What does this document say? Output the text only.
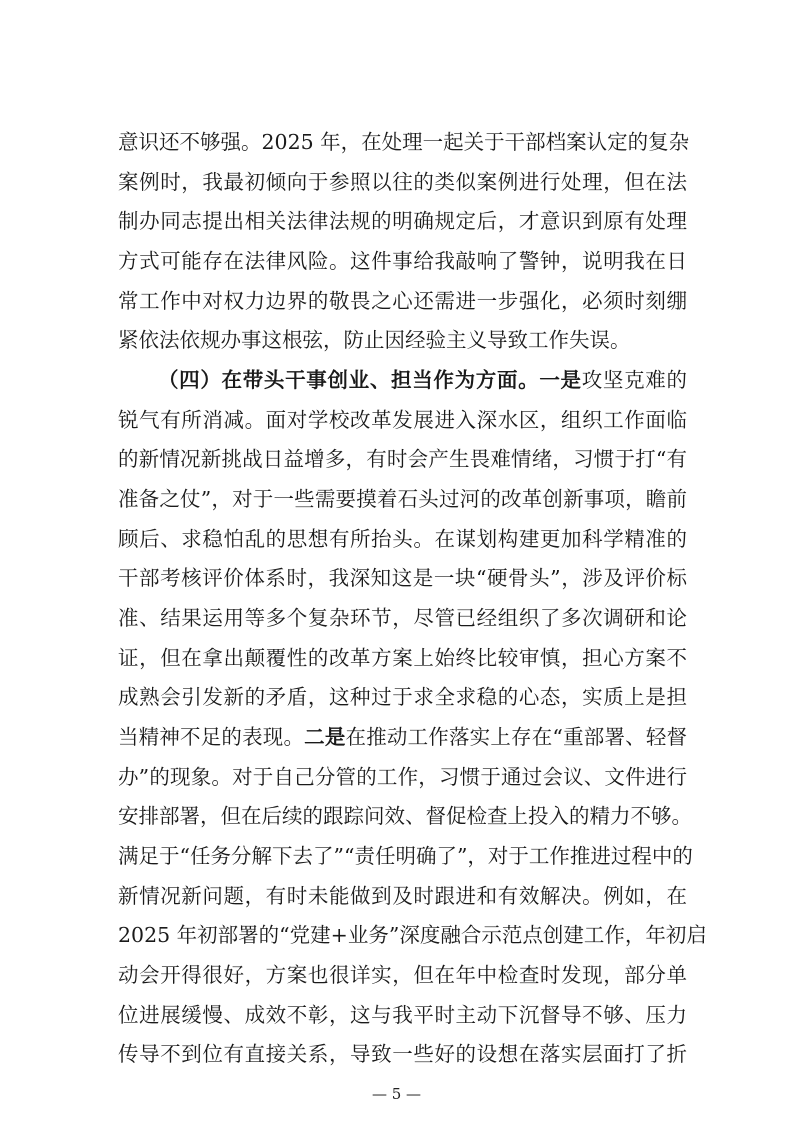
意识还不够强。2025 年，在处理一起关于干部档案认定的复杂
案例时，我最初倾向于参照以往的类似案例进行处理，但在法
制办同志提出相关法律法规的明确规定后，才意识到原有处理
方式可能存在法律风险。这件事给我敲响了警钟，说明我在日
常工作中对权力边界的敬畏之心还需进一步强化，必须时刻绷
紧依法依规办事这根弦，防止因经验主义导致工作失误。
（四）在带头干事创业、担当作为方面。一是攻坚克难的
锐气有所消减。面对学校改革发展进入深水区，组织工作面临
的新情况新挑战日益增多，有时会产生畏难情绪，习惯于打“有
准备之仗”，对于一些需要摸着石头过河的改革创新事项，瞻前
顾后、求稳怕乱的思想有所抬头。在谋划构建更加科学精准的
干部考核评价体系时，我深知这是一块“硬骨头”，涉及评价标
准、结果运用等多个复杂环节，尽管已经组织了多次调研和论
证，但在拿出颠覆性的改革方案上始终比较审慎，担心方案不
成熟会引发新的矛盾，这种过于求全求稳的心态，实质上是担
当精神不足的表现。二是在推动工作落实上存在“重部署、轻督
办”的现象。对于自己分管的工作，习惯于通过会议、文件进行
安排部署，但在后续的跟踪问效、督促检查上投入的精力不够。
满足于“任务分解下去了”“责任明确了”，对于工作推进过程中的
新情况新问题，有时未能做到及时跟进和有效解决。例如，在
2025 年初部署的“党建+业务”深度融合示范点创建工作，年初启
动会开得很好，方案也很详实，但在年中检查时发现，部分单
位进展缓慢、成效不彰，这与我平时主动下沉督导不够、压力
传导不到位有直接关系，导致一些好的设想在落实层面打了折
— 5 —
